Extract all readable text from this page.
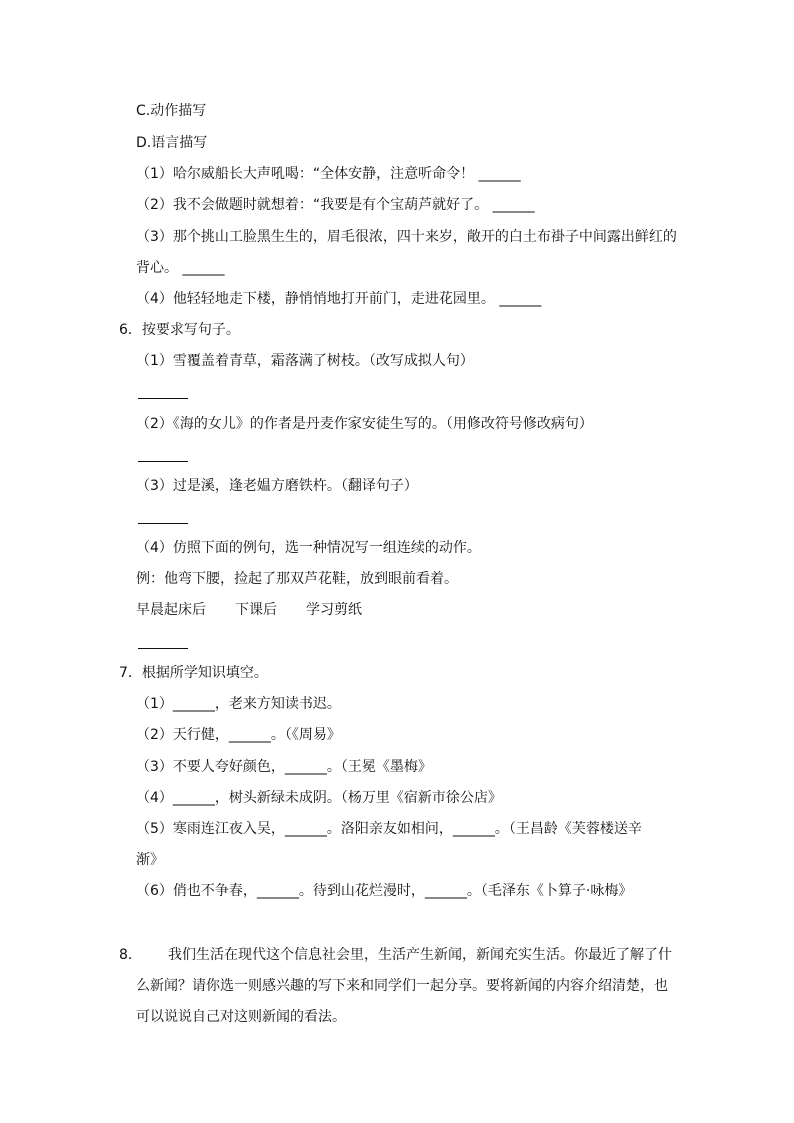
C.动作描写

D.语言描写

（1）哈尔威船长大声吼喝：“全体安静，注意听命令！ ______

（2）我不会做题时就想着：“我要是有个宝葫芦就好了。 ______

（3）那个挑山工脸黑生生的，眉毛很浓，四十来岁，敞开的白土布褂子中间露出鲜红的

背心。 ______

（4）他轻轻地走下楼，静悄悄地打开前门，走进花园里。 ______

6．按要求写句子。

（1）雪覆盖着青草，霜落满了树枝。（改写成拟人句）

（2）《海的女儿》的作者是丹麦作家安徒生写的。（用修改符号修改病句）

（3）过是溪，逢老媪方磨铁杵。（翻译句子）

（4）仿照下面的例句，选一种情况写一组连续的动作。

例：他弯下腰，捡起了那双芦花鞋，放到眼前看着。

早晨起床后 下课后 学习剪纸

7．根据所学知识填空。

（1）______，老来方知读书迟。

（2）天行健，______。（《周易》

（3）不要人夸好颜色，______。（王冕《墨梅》

（4）______，树头新绿未成阴。（杨万里《宿新市徐公店》

（5）寒雨连江夜入吴，______。洛阳亲友如相问，______。（王昌龄《芙蓉楼送辛

渐》

（6）俏也不争春，______。待到山花烂漫时，______。（毛泽东《卜算子·咏梅》

8． 我们生活在现代这个信息社会里，生活产生新闻，新闻充实生活。你最近了解了什

么新闻？请你选一则感兴趣的写下来和同学们一起分享。要将新闻的内容介绍清楚，也

可以说说自己对这则新闻的看法。
